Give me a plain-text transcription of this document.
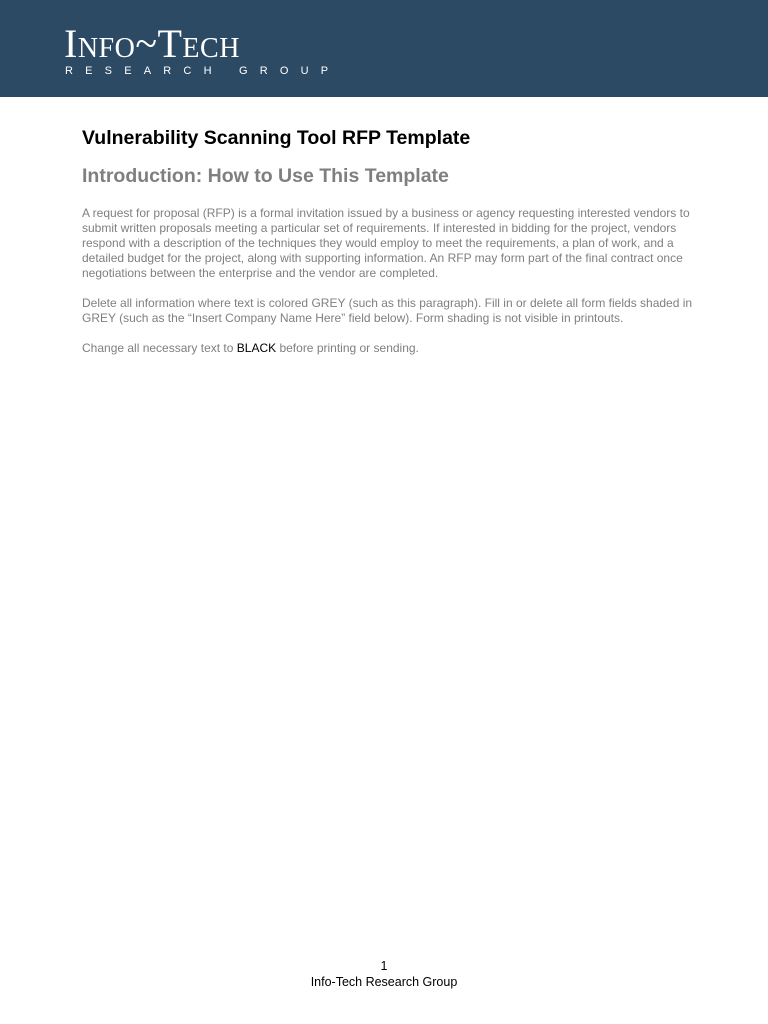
Info~Tech
RESEARCH GROUP
Vulnerability Scanning Tool RFP Template
Introduction: How to Use This Template

A request for proposal (RFP) is a formal invitation issued by a business or agency requesting interested vendors to submit written proposals meeting a particular set of requirements. If interested in bidding for the project, vendors respond with a description of the techniques they would employ to meet the requirements, a plan of work, and a detailed budget for the project, along with supporting information. An RFP may form part of the final contract once negotiations between the enterprise and the vendor are completed.

Delete all information where text is colored GREY (such as this paragraph). Fill in or delete all form fields shaded in GREY (such as the “Insert Company Name Here” field below). Form shading is not visible in printouts.

Change all necessary text to BLACK before printing or sending.

1
Info-Tech Research Group
